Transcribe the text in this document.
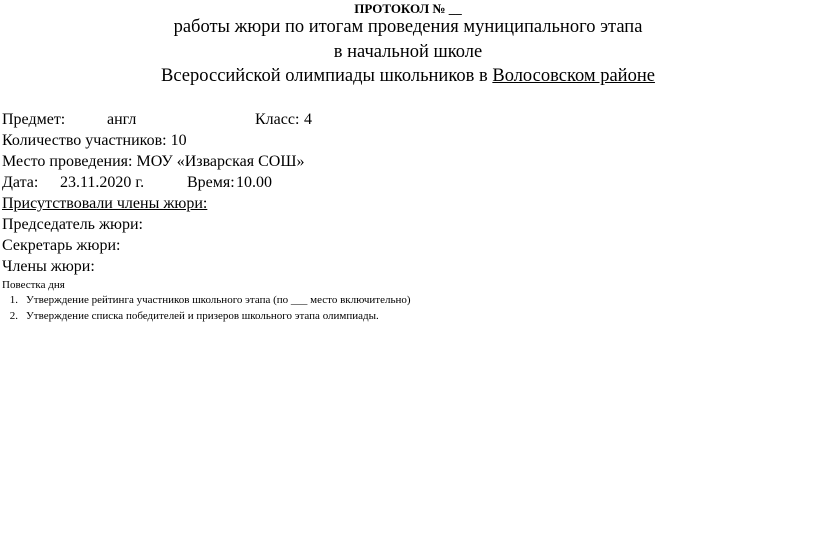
ПРОТОКОЛ № __
работы жюри по итогам проведения муниципального этапа
в начальной школе
Всероссийской олимпиады школьников в Волосовском районе
Предмет:	англ	Класс: 4
Количество участников: 10
Место проведения: МОУ «Изварская СОШ»
Дата: 23.11.2020 г.	Время: 10.00
Присутствовали члены жюри:
Председатель жюри:
Секретарь жюри:
Члены жюри:
Повестка дня
1. Утверждение рейтинга участников школьного этапа (по ___ место включительно)
2. Утверждение списка победителей и призеров школьного этапа олимпиады.
